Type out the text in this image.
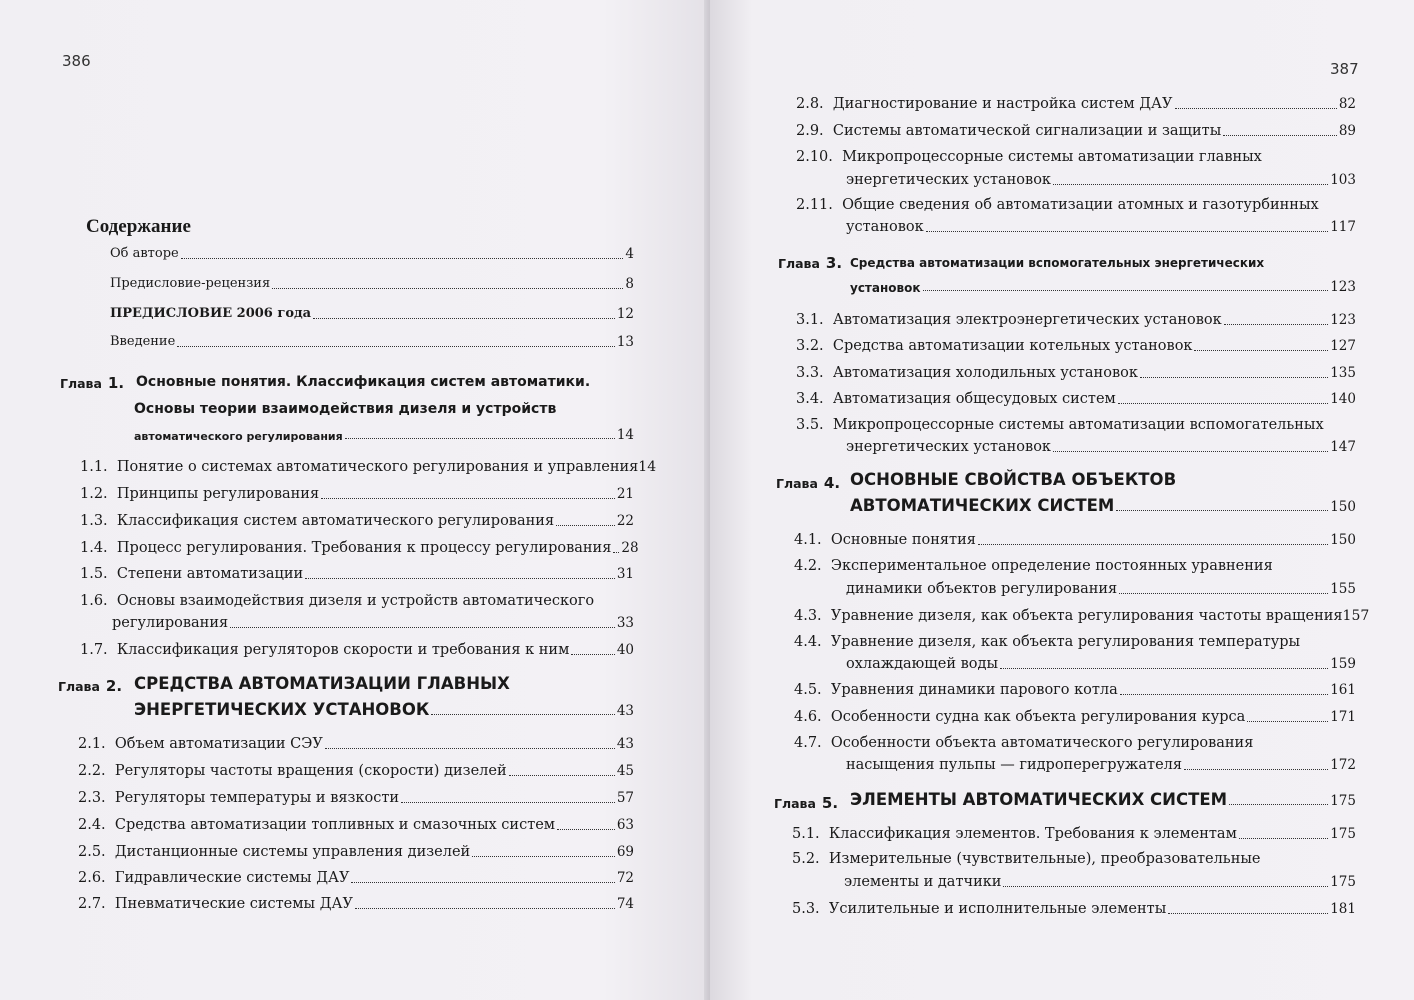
386
Содержание
Об авторе	4
Предисловие-рецензия	8
ПРЕДИСЛОВИЕ 2006 года	12
Введение	13
Глава 1. Основные понятия. Классификация систем автоматики.
Основы теории взаимодействия дизеля и устройств
автоматического регулирования	14
1.1.
Понятие о системах автоматического регулирования и управления 14
1.2.
Принципы регулирования	21
1.3.
Классификация систем автоматического регулирования	22
1.4.
Процесс регулирования. Требования к процессу регулирования 28
1.5.
Степени автоматизации	31
1.6. Основы взаимодействия дизеля и устройств автоматического
регулирования	33
1.7.
Классификация регуляторов скорости и требования к ним	40
Глава 2. СРЕДСТВА АВТОМАТИЗАЦИИ ГЛАВНЫХ
ЭНЕРГЕТИЧЕСКИХ УСТАНОВОК	43
2.1.
Объем автоматизации СЭУ	43
2.2.
Регуляторы частоты вращения (скорости) дизелей	45
2.3.
Регуляторы температуры и вязкости	57
2.4.
Средства автоматизации топливных и смазочных систем	63
2.5.
Дистанционные системы управления дизелей	69
2.6.
Гидравлические системы ДАУ	72
2.7.
Пневматические системы ДАУ	74
387
2.8.
Диагностирование и настройка систем ДАУ	82
2.9.
Системы автоматической сигнализации и защиты	89
2.10. Микропроцессорные системы автоматизации главных
энергетических установок	103
2.11. Общие сведения об автоматизации атомных и газотурбинных
установок	117
Глава 3. Средства автоматизации вспомогательных энергетических
установок	123
3.1.
Автоматизация электроэнергетических установок	123
3.2.
Средства автоматизации котельных установок	127
3.3.
Автоматизация холодильных установок	135
3.4.
Автоматизация общесудовых систем	140
3.5. Микропроцессорные системы автоматизации вспомогательных
энергетических установок	147
Глава 4. ОСНОВНЫЕ СВОЙСТВА ОБЪЕКТОВ
АВТОМАТИЧЕСКИХ СИСТЕМ	150
4.1.
Основные понятия	150
4.2. Экспериментальное определение постоянных уравнения
динамики объектов регулирования	155
4.3.
Уравнение дизеля, как объекта регулирования частоты вращения 157
4.4. Уравнение дизеля, как объекта регулирования температуры
охлаждающей воды	159
4.5.
Уравнения динамики парового котла	161
4.6.
Особенности судна как объекта регулирования курса	171
4.7. Особенности объекта автоматического регулирования
насыщения пульпы — гидроперегружателя	172
Глава 5. ЭЛЕМЕНТЫ АВТОМАТИЧЕСКИХ СИСТЕМ	175
5.1.
Классификация элементов. Требования к элементам	175
5.2. Измерительные (чувствительные), преобразовательные
элементы и датчики	175
5.3.
Усилительные и исполнительные элементы	181
